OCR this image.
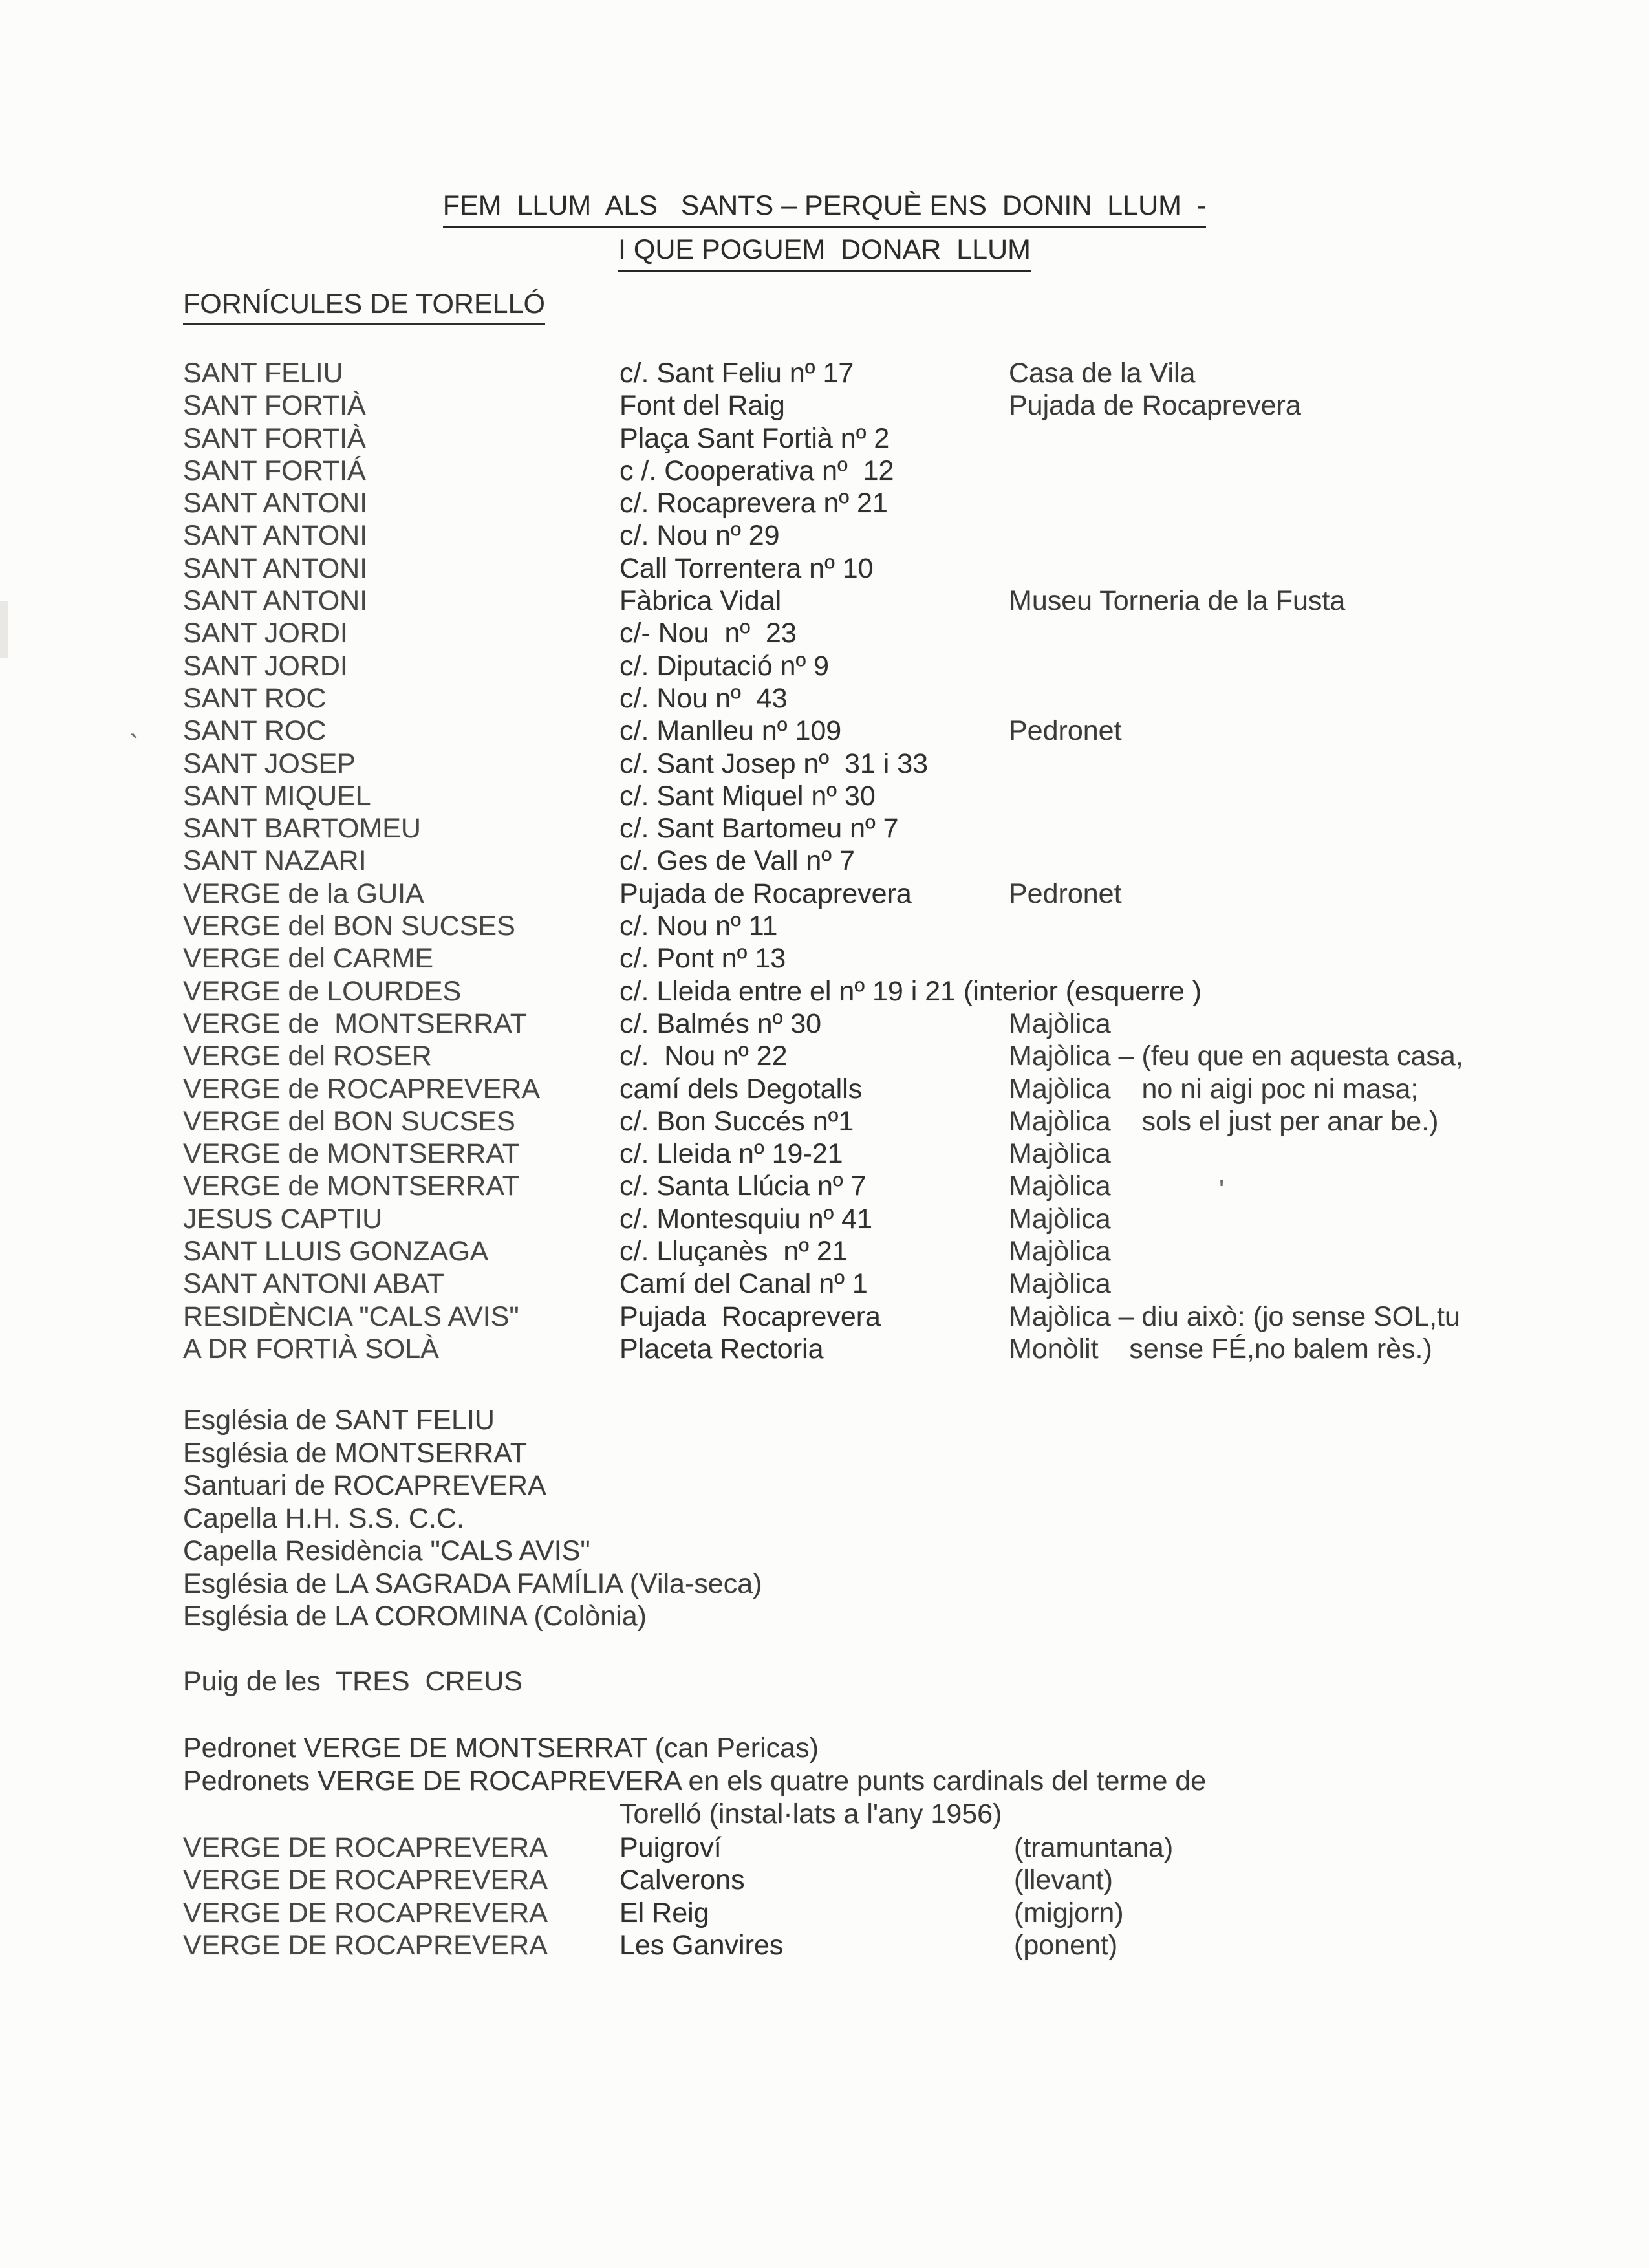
FEM  LLUM  ALS   SANTS – PERQUÈ ENS  DONIN  LLUM  -
I QUE POGUEM  DONAR  LLUM
FORNÍCULES DE TORELLÓ
SANT FELIU	c/. Sant Feliu nº 17	Casa de la Vila
SANT FORTIÀ	Font del Raig	Pujada de Rocaprevera
SANT FORTIÀ	Plaça Sant Fortià nº 2
SANT FORTIÁ	c /. Cooperativa nº  12
SANT ANTONI	c/. Rocaprevera nº 21
SANT ANTONI	c/. Nou nº 29
SANT ANTONI	Call Torrentera nº 10
SANT ANTONI	Fàbrica Vidal	Museu Torneria de la Fusta
SANT JORDI	c/- Nou  nº  23
SANT JORDI	c/. Diputació nº 9
SANT ROC	c/. Nou nº  43
SANT ROC	c/. Manlleu nº 109	Pedronet
SANT JOSEP	c/. Sant Josep nº  31 i 33
SANT MIQUEL	c/. Sant Miquel nº 30
SANT BARTOMEU	c/. Sant Bartomeu nº 7
SANT NAZARI	c/. Ges de Vall nº 7
VERGE de la GUIA	Pujada de Rocaprevera	Pedronet
VERGE del BON SUCSES	c/. Nou nº 11
VERGE del CARME	c/. Pont nº 13
VERGE de LOURDES	c/. Lleida entre el nº 19 i 21 (interior (esquerre )
VERGE de  MONTSERRAT	c/. Balmés nº 30	Majòlica
VERGE del ROSER	c/.  Nou nº 22	Majòlica – (feu que en aquesta casa,
VERGE de ROCAPREVERA	camí dels Degotalls	Majòlica    no ni aigi poc ni masa;
VERGE del BON SUCSES	c/. Bon Succés nº1	Majòlica    sols el just per anar be.)
VERGE de MONTSERRAT	c/. Lleida nº 19-21	Majòlica
VERGE de MONTSERRAT	c/. Santa Llúcia nº 7	Majòlica
JESUS CAPTIU	c/. Montesquiu nº 41	Majòlica
SANT LLUIS GONZAGA	c/. Lluçanès  nº 21	Majòlica
SANT ANTONI ABAT	Camí del Canal nº 1	Majòlica
RESIDÈNCIA "CALS AVIS"	Pujada  Rocaprevera	Majòlica – diu això: (jo sense SOL,tu
A DR FORTIÀ SOLÀ	Placeta Rectoria	Monòlit    sense FÉ,no balem rès.)
Església de SANT FELIU
Església de MONTSERRAT
Santuari de ROCAPREVERA
Capella H.H. S.S. C.C.
Capella Residència "CALS AVIS"
Església de LA SAGRADA FAMÍLIA (Vila-seca)
Església de LA COROMINA (Colònia)
Puig de les  TRES  CREUS
Pedronet VERGE DE MONTSERRAT (can Pericas)
Pedronets VERGE DE ROCAPREVERA en els quatre punts cardinals del terme de
Torelló (instal·lats a l'any 1956)
VERGE DE ROCAPREVERA	Puigroví	(tramuntana)
VERGE DE ROCAPREVERA	Calverons	(llevant)
VERGE DE ROCAPREVERA	El Reig	(migjorn)
VERGE DE ROCAPREVERA	Les Ganvires	(ponent)
`
'
